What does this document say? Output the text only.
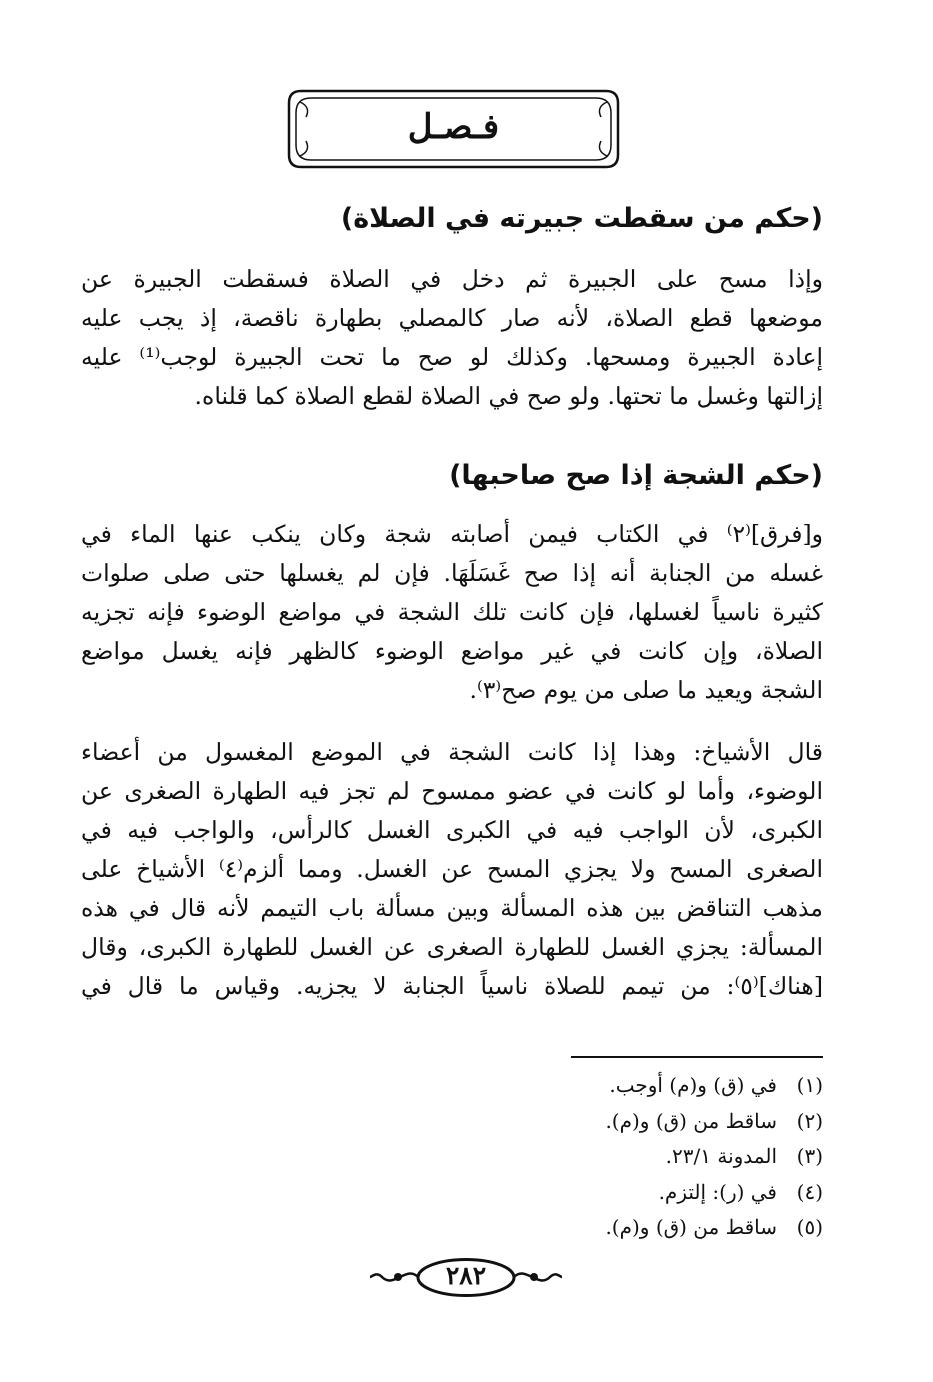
فـصـل
(حكم من سقطت جبيرته في الصلاة)
وإذا مسح على الجبيرة ثم دخل في الصلاة فسقطت الجبيرة عن
موضعها قطع الصلاة، لأنه صار كالمصلي بطهارة ناقصة، إذ يجب عليه
إعادة الجبيرة ومسحها. وكذلك لو صح ما تحت الجبيرة لوجب⁽¹⁾ عليه
إزالتها وغسل ما تحتها. ولو صح في الصلاة لقطع الصلاة كما قلناه.
(حكم الشجة إذا صح صاحبها)
و[فرق]⁽٢⁾ في الكتاب فيمن أصابته شجة وكان ينكب عنها الماء في
غسله من الجنابة أنه إذا صح غَسَلَهَا. فإن لم يغسلها حتى صلى صلوات
كثيرة ناسياً لغسلها، فإن كانت تلك الشجة في مواضع الوضوء فإنه تجزيه
الصلاة، وإن كانت في غير مواضع الوضوء كالظهر فإنه يغسل مواضع
الشجة ويعيد ما صلى من يوم صح⁽٣⁾.
قال الأشياخ: وهذا إذا كانت الشجة في الموضع المغسول من أعضاء
الوضوء، وأما لو كانت في عضو ممسوح لم تجز فيه الطهارة الصغرى عن
الكبرى، لأن الواجب فيه في الكبرى الغسل كالرأس، والواجب فيه في
الصغرى المسح ولا يجزي المسح عن الغسل. ومما ألزم⁽٤⁾ الأشياخ على
مذهب التناقض بين هذه المسألة وبين مسألة باب التيمم لأنه قال في هذه
المسألة: يجزي الغسل للطهارة الصغرى عن الغسل للطهارة الكبرى، وقال
[هناك]⁽٥⁾: من تيمم للصلاة ناسياً الجنابة لا يجزيه. وقياس ما قال في
(١)في (ق) و(م) أوجب.
(٢)ساقط من (ق) و(م).
(٣)المدونة ٢٣/١.
(٤)في (ر): إلتزم.
(٥)ساقط من (ق) و(م).
٢٨٢
